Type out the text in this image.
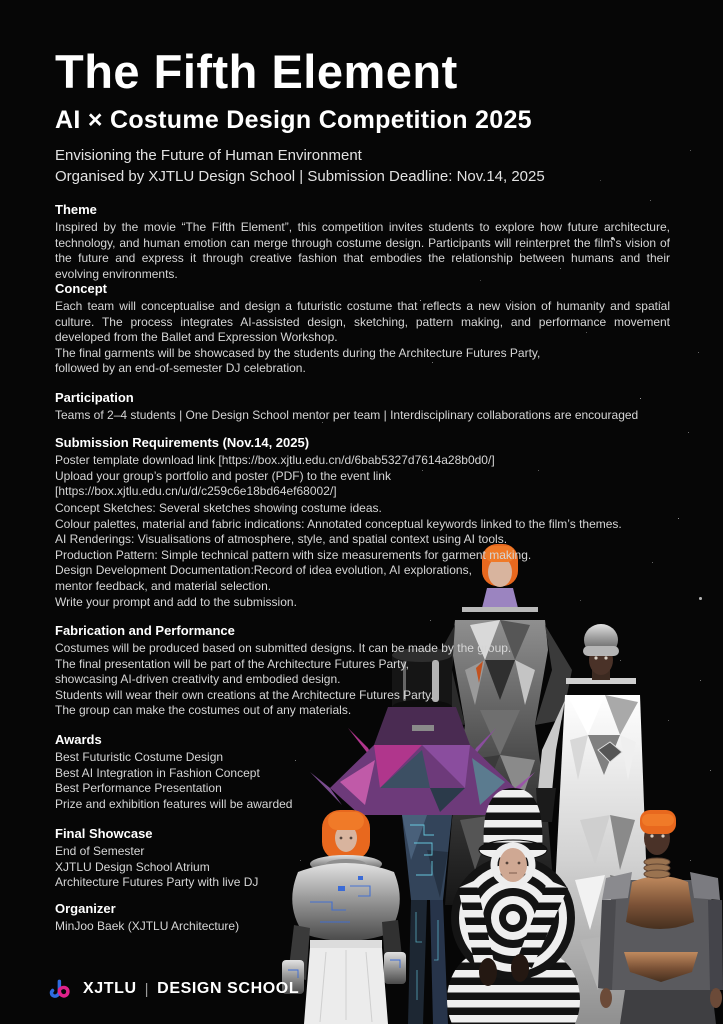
The Fifth Element
AI × Costume Design Competition 2025
Envisioning the Future of Human Environment
Organised by XJTLU Design School | Submission Deadline: Nov.14, 2025

Theme

Inspired by the movie “The Fifth Element”, this competition invites students to explore how future architecture, technology, and human emotion can merge through costume design. Participants will reinterpret the film’s vision of the future and express it through creative fashion that embodies the relationship between humans and their evolving environments.

Concept

Each team will conceptualise and design a futuristic costume that reflects a new vision of humanity and spatial culture. The process integrates AI-assisted design, sketching, pattern making, and performance movement developed from the Ballet and Expression Workshop.

The final garments will be showcased by the students during the Architecture Futures Party,

followed by an end-of-semester DJ celebration.

Participation

Teams of 2–4 students | One Design School mentor per team | Interdisciplinary collaborations are encouraged

Submission Requirements (Nov.14, 2025)

Poster template download link [https://box.xjtlu.edu.cn/d/6bab5327d7614a28b0d0/]

Upload your group’s portfolio and poster (PDF) to the event link [https://box.xjtlu.edu.cn/u/d/c259c6e18bd64ef68002/]

Concept Sketches: Several sketches showing costume ideas.

Colour palettes, material and fabric indications: Annotated conceptual keywords linked to the film’s themes.

AI Renderings: Visualisations of atmosphere, style, and spatial context using AI tools.

Production Pattern: Simple technical pattern with size measurements for garment making.

Design Development Documentation:Record of idea evolution, AI explorations,

mentor feedback, and material selection.

Write your prompt and add to the submission.

Fabrication and Performance

Costumes will be produced based on submitted designs. It can be made by the group.

The final presentation will be part of the Architecture Futures Party,

showcasing AI-driven creativity and embodied design.

Students will wear their own creations at the Architecture Futures Party.

The group can make the costumes out of any materials.

Awards

Best Futuristic Costume Design

Best AI Integration in Fashion Concept

Best Performance Presentation

Prize and exhibition features will be awarded

Final Showcase

End of Semester

XJTLU Design School Atrium

Architecture Futures Party with live DJ

Organizer

MinJoo Baek (XJTLU Architecture)

XJTLU | DESIGN SCHOOL
